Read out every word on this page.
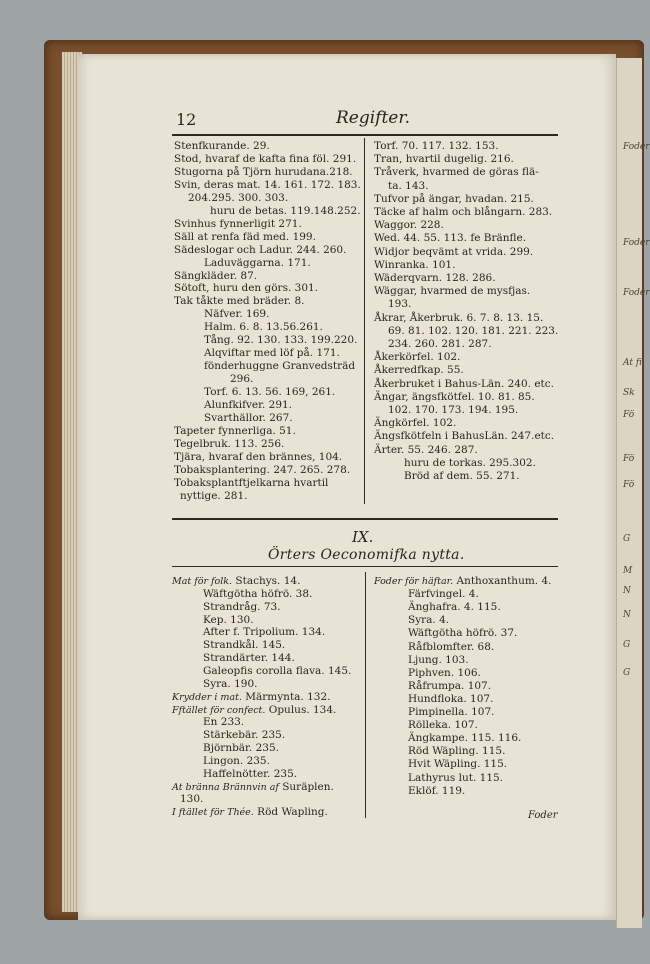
Foder
Foder
Foder
At fi
Sk
Fö
Fö
Fö
G
M
N
N
G
G
12	Regifter.
Stenfkurande. 29.
Stod, hvaraf de kafta fina föl. 291.
Stugorna på Tjörn hurudana.218.
Svin, deras mat. 14. 161. 172. 183.
204.295. 300. 303.
huru de betas. 119.148.252.
Svinhus fynnerligit 271.
Säll at renfa fäd med. 199.
Sädeslogar och Ladur. 244. 260.
Laduväggarna. 171.
Sängkläder. 87.
Sötoft, huru den görs. 301.
Tak tåkte med bräder. 8.
Näfver. 169.
Halm. 6. 8. 13.56.261.
Tång. 92. 130. 133. 199.220.
Alqviftar med löf på. 171.
fönderhuggne Granvedsträd
296.
Torf. 6. 13. 56. 169, 261.
Alunfkifver. 291.
Svarthällor. 267.
Tapeter fynnerliga. 51.
Tegelbruk. 113. 256.
Tjära, hvaraf den brännes, 104.
Tobaksplantering. 247. 265. 278.
Tobaksplantftjelkarna hvartil
nyttige. 281.
Torf. 70. 117. 132. 153.
Tran, hvartil dugelig. 216.
Tråverk, hvarmed de göras flä-
ta. 143.
Tufvor på ängar, hvadan. 215.
Täcke af halm och blångarn. 283.
Waggor. 228.
Wed. 44. 55. 113. fe Bränfle.
Widjor beqvämt at vrida. 299.
Winranka. 101.
Wäderqvarn. 128. 286.
Wäggar, hvarmed de mysfjas.
193.
Åkrar, Åkerbruk. 6. 7. 8. 13. 15.
69. 81. 102. 120. 181. 221. 223.
234. 260. 281. 287.
Åkerkörfel. 102.
Åkerredfkap. 55.
Åkerbruket i Bahus-Län. 240. etc.
Ängar, ängsfkötfel. 10. 81. 85.
102. 170. 173. 194. 195.
Ängkörfel. 102.
Ängsfkötfeln i BahusLän. 247.etc.
Ärter. 55. 246. 287.
huru de torkas. 295.302.
Bröd af dem. 55. 271.
IX.
Örters Oeconomifka nytta.
Mat för folk. Stachys. 14.
Wäftgötha höfrö. 38.
Strandråg. 73.
Kep. 130.
After f. Tripolium. 134.
Strandkål. 145.
Strandärter. 144.
Galeopfis corolla flava. 145.
Syra. 190.
Krydder i mat. Märmynta. 132.
Fftället för confect. Opulus. 134.
En 233.
Stärkebär. 235.
Björnbär. 235.
Lingon. 235.
Haffelnötter. 235.
At bränna Brännvin af Suräplen.
130.
I ftället för Thée. Röd Wapling.
Foder för häftar. Anthoxanthum. 4.
Färfvingel. 4.
Änghafra. 4. 115.
Syra. 4.
Wäftgötha höfrö. 37.
Råfblomfter. 68.
Ljung. 103.
Piphven. 106.
Råfrumpa. 107.
Hundfloka. 107.
Pimpinella. 107.
Rölleka. 107.
Ängkampe. 115. 116.
Röd Wäpling. 115.
Hvit Wäpling. 115.
Lathyrus lut. 115.
Eklöf. 119.
Foder
